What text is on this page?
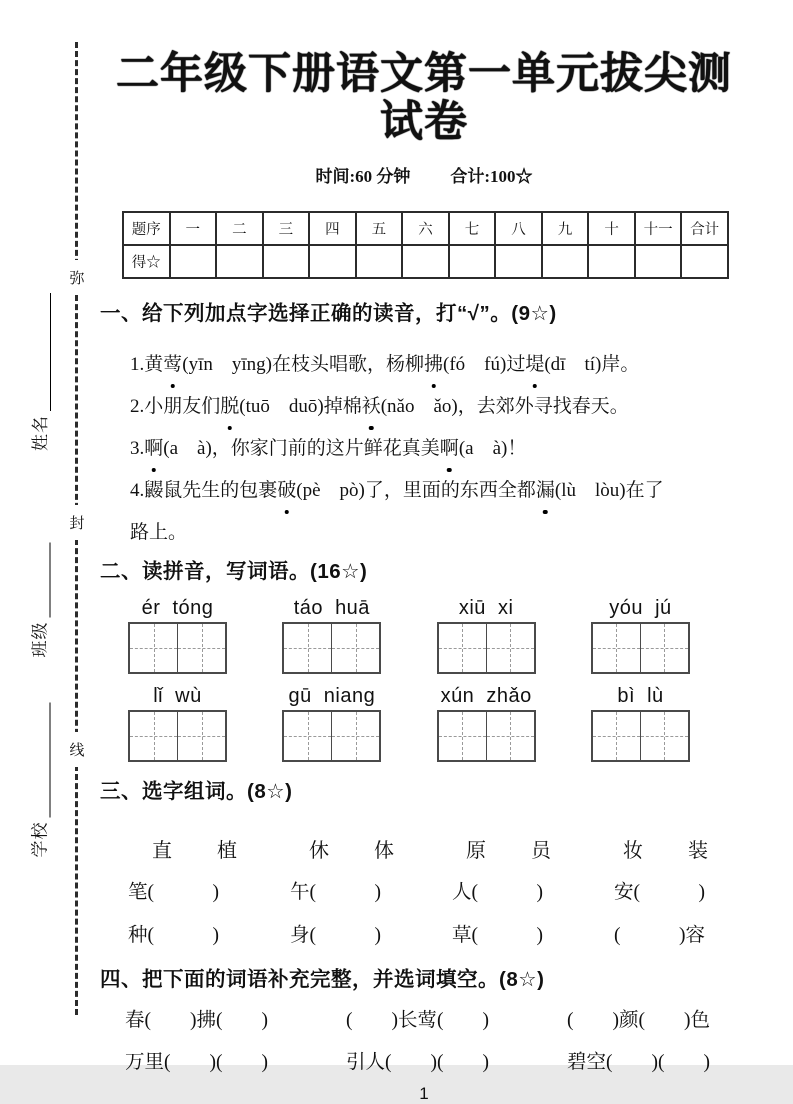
弥
封
线
姓名
班级
学校
二年级下册语文第一单元拔尖测试卷
时间:60 分钟 合计:100☆
题序	一	二	三	四	五	六	七	八	九	十	十一	合计
得☆												
一、给下列加点字选择正确的读音，打“√”。(9☆)
1.黄莺(yīn　yīng)在枝头唱歌，杨柳拂(fó　fú)过堤(dī　tí)岸。
2.小朋友们脱(tuō　duō)掉棉袄(nǎo　ǎo)，去郊外寻找春天。
3.啊(a　à)，你家门前的这片鲜花真美啊(a　à)！
4.鼹鼠先生的包裹破(pè　pò)了，里面的东西全都漏(lù　lòu)在了
路上。
二、读拼音，写词语。(16☆)
ér tóng	táo huā	xiū xi	yóu jú
lǐ wù	gū niang	xún zhǎo	bì lù
三、选字组词。(8☆)
直 植	休 体	原 员	妆 装
笔(　　　)	午(　　　)	人(　　　)	安(　　　)
种(　　　)	身(　　　)	草(　　　)	(　　　)容
四、把下面的词语补充完整，并选词填空。(8☆)
春(　　)拂(　　)	(　　)长莺(　　)	(　　)颜(　　)色
万里(　　)(　　)	引人(　　)(　　)	碧空(　　)(　　)
1
